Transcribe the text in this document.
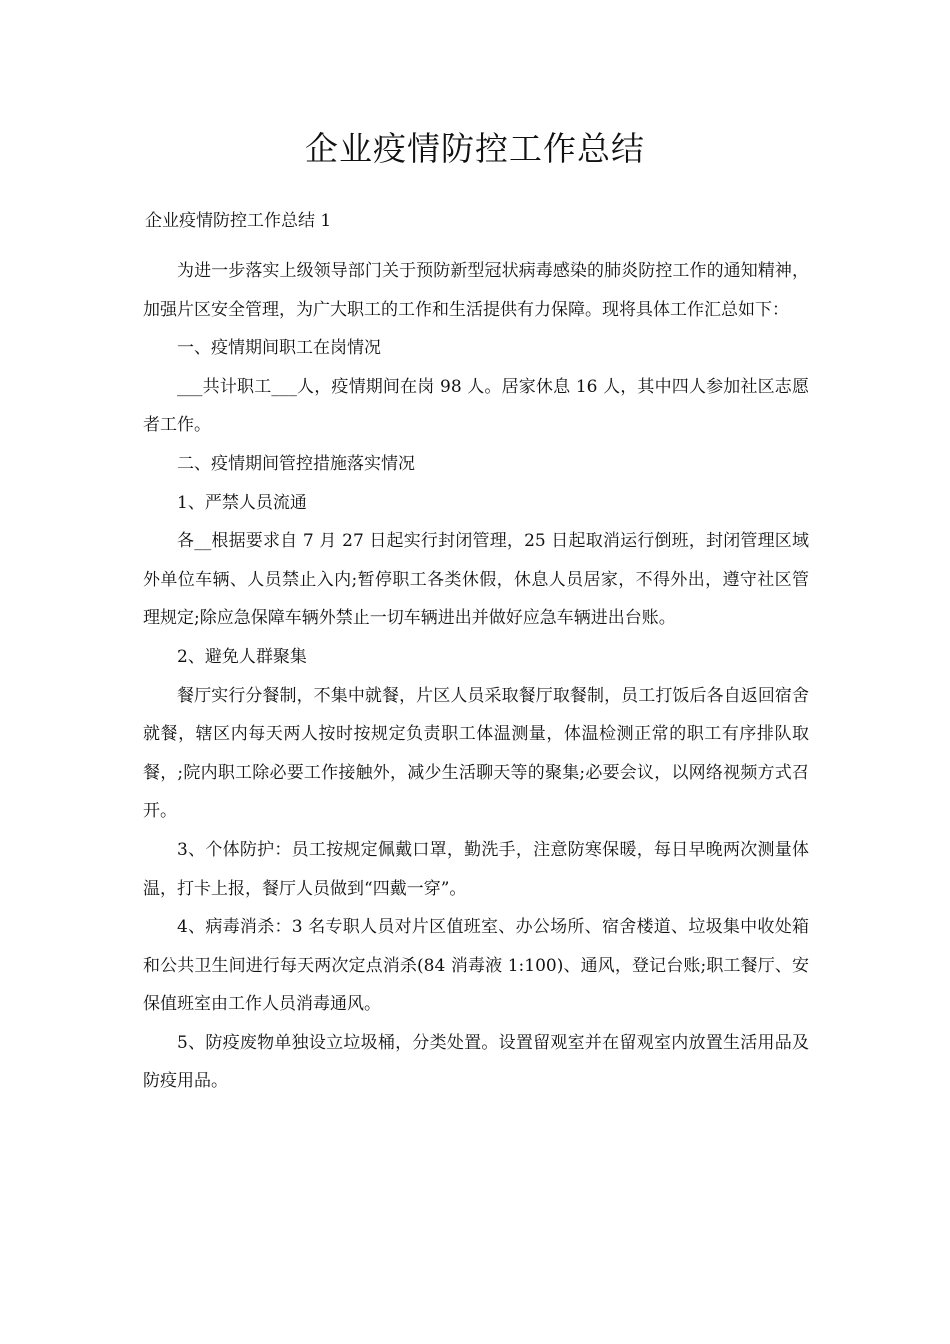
企业疫情防控工作总结
企业疫情防控工作总结 1

为进一步落实上级领导部门关于预防新型冠状病毒感染的肺炎防控工作的通知精神，加强片区安全管理，为广大职工的工作和生活提供有力保障。现将具体工作汇总如下：

一、疫情期间职工在岗情况

___共计职工___人，疫情期间在岗 98 人。居家休息 16 人，其中四人参加社区志愿者工作。

二、疫情期间管控措施落实情况

1、严禁人员流通

各__根据要求自 7 月 27 日起实行封闭管理，25 日起取消运行倒班，封闭管理区域外单位车辆、人员禁止入内;暂停职工各类休假，休息人员居家，不得外出，遵守社区管理规定;除应急保障车辆外禁止一切车辆进出并做好应急车辆进出台账。

2、避免人群聚集

餐厅实行分餐制，不集中就餐，片区人员采取餐厅取餐制，员工打饭后各自返回宿舍就餐，辖区内每天两人按时按规定负责职工体温测量，体温检测正常的职工有序排队取餐，;院内职工除必要工作接触外，减少生活聊天等的聚集;必要会议，以网络视频方式召开。

3、个体防护：员工按规定佩戴口罩，勤洗手，注意防寒保暖，每日早晚两次测量体温，打卡上报，餐厅人员做到“四戴一穿”。

4、病毒消杀：3 名专职人员对片区值班室、办公场所、宿舍楼道、垃圾集中收处箱和公共卫生间进行每天两次定点消杀(84 消毒液 1:100)、通风，登记台账;职工餐厅、安保值班室由工作人员消毒通风。

5、防疫废物单独设立垃圾桶，分类处置。设置留观室并在留观室内放置生活用品及防疫用品。
